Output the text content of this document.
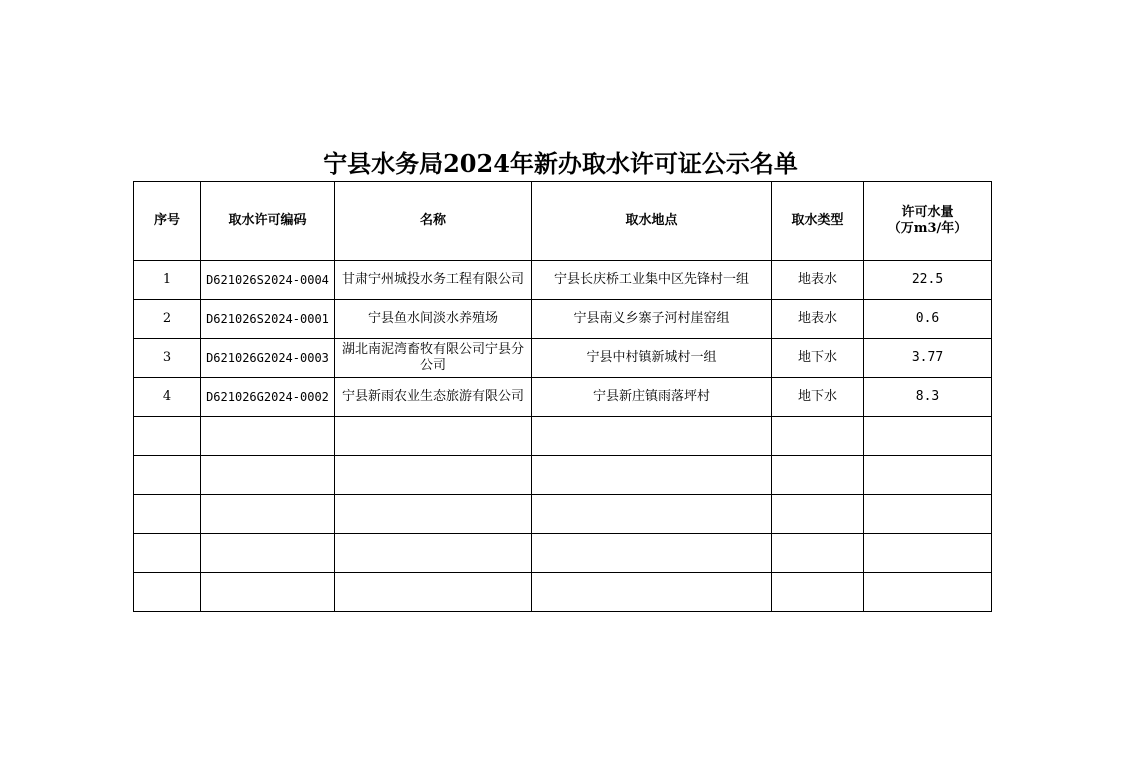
宁县水务局2024年新办取水许可证公示名单
序号	取水许可编码	名称	取水地点	取水类型	许可水量
（万m3/年）

1	D621026S2024-0004	甘肃宁州城投水务工程有限公司	宁县长庆桥工业集中区先锋村一组	地表水	22.5
2	D621026S2024-0001	宁县鱼水间淡水养殖场	宁县南义乡寨子河村崖窑组	地表水	0.6
3	D621026G2024-0003	湖北南泥湾畜牧有限公司宁县分公司	宁县中村镇新城村一组	地下水	3.77
4	D621026G2024-0002	宁县新雨农业生态旅游有限公司	宁县新庄镇雨落坪村	地下水	8.3
